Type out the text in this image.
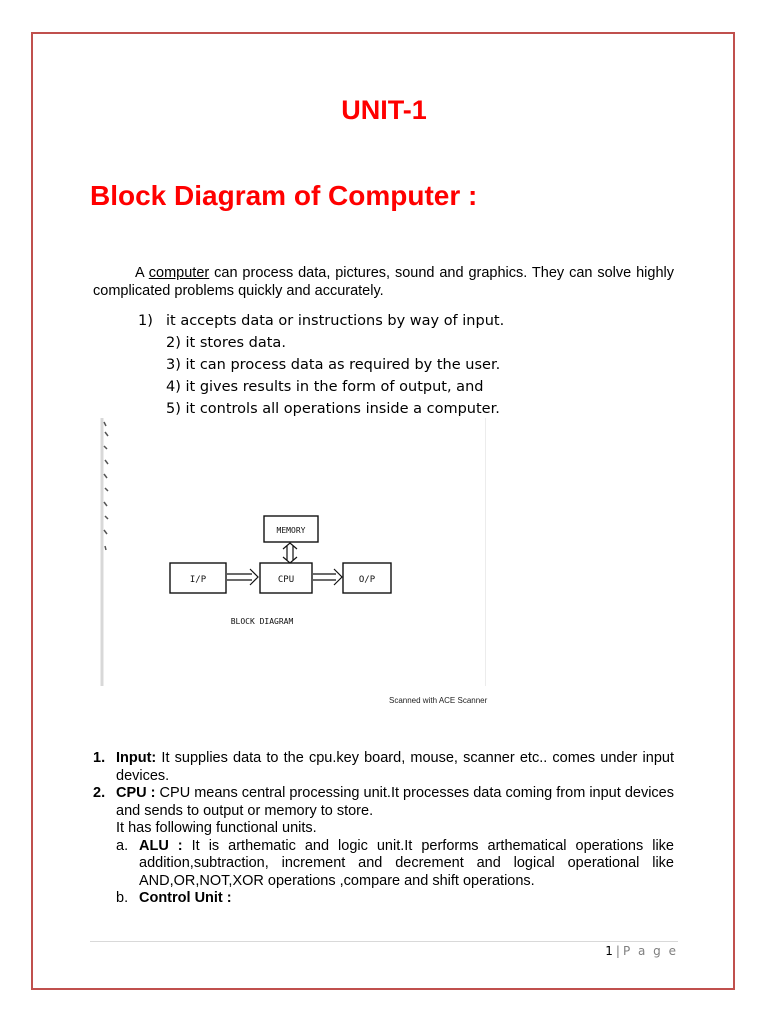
UNIT-1
Block Diagram of Computer :
A computer can process data, pictures, sound and graphics. They can solve highly complicated problems quickly and accurately.
1) it accepts data or instructions by way of input.
2) it stores data.
3) it can process data as required by the user.
4) it gives results in the form of output, and
5) it controls all operations inside a computer.
MEMORY
I/P	CPU	O/P
BLOCK DIAGRAM
Scanned with ACE Scanner
1. Input: It supplies data to the cpu.key board, mouse, scanner etc.. comes under input devices.
2. CPU : CPU means central processing unit.It processes data coming from input devices and sends to output or memory to store.
It has following functional units.
a. ALU : It is arthematic and logic unit.It performs arthematical operations like addition,subtraction, increment and decrement and logical operational like AND,OR,NOT,XOR operations ,compare and shift operations.
b. Control Unit :
1 | P a g e
